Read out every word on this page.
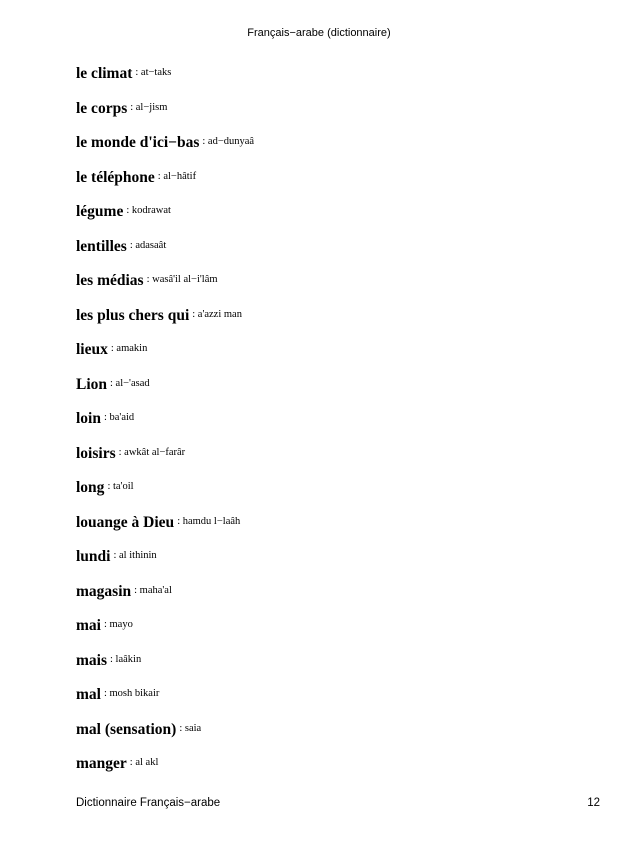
Français−arabe (dictionnaire)
le climat : at−taks
le corps : al−jism
le monde d'ici−bas : ad−dunyaâ
le téléphone : al−hâtif
légume : kodrawat
lentilles : adasaât
les médias : wasâ'il al−i'lâm
les plus chers qui : a'azzi man
lieux : amakin
Lion : al−'asad
loin : ba'aid
loisirs : awkât al−farâr
long : ta'oil
louange à Dieu : hamdu l−laâh
lundi : al ithinin
magasin : maha'al
mai : mayo
mais : laâkin
mal : mosh bikair
mal (sensation) : saia
manger : al akl
Dictionnaire Français−arabe	12
